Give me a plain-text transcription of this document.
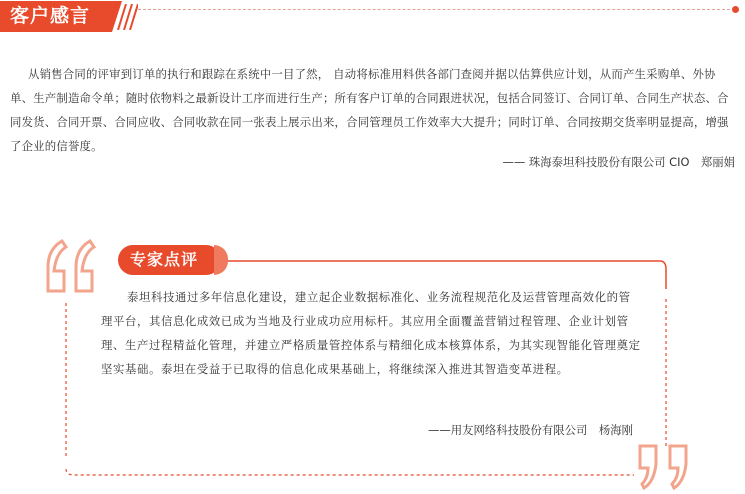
客户感言
从销售合同的评审到订单的执行和跟踪在系统中一目了然， 自动将标准用料供各部门查阅并据以估算供应计划，从而产生采购单、外协单、生产制造命令单；随时依物料之最新设计工序而进行生产；所有客户订单的合同跟进状况，包括合同签订、合同订单、合同生产状态、合同发货、合同开票、合同应收、合同收款在同一张表上展示出来，合同管理员工作效率大大提升；同时订单、合同按期交货率明显提高，增强了企业的信誉度。
—— 珠海泰坦科技股份有限公司 CIO　郑丽娟
专家点评
泰坦科技通过多年信息化建设，建立起企业数据标准化、业务流程规范化及运营管理高效化的管理平台，其信息化成效已成为当地及行业成功应用标杆。其应用全面覆盖营销过程管理、企业计划管理、生产过程精益化管理，并建立严格质量管控体系与精细化成本核算体系，为其实现智能化管理奠定坚实基础。泰坦在受益于已取得的信息化成果基础上，将继续深入推进其智造变革进程。
——用友网络科技股份有限公司　杨海刚
